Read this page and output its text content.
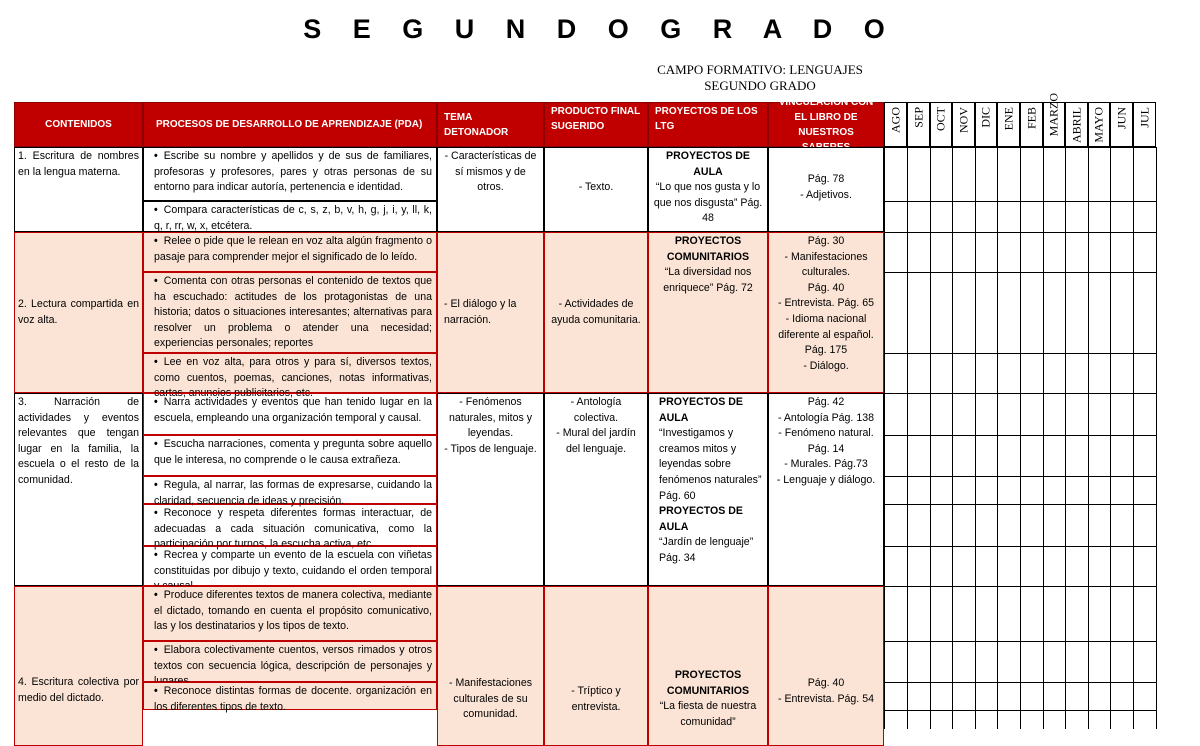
S E G U N D O G R A D O
CAMPO FORMATIVO: LENGUAJES
SEGUNDO GRADO
CONTENIDOS	PROCESOS DE DESARROLLO DE APRENDIZAJE (PDA)
TEMA DETONADOR
PRODUCTO FINAL SUGERIDO
PROYECTOS DE LOS LTG
VINCULACIÓN CON EL LIBRO DE NUESTROS SABERES
AGO SEP OCT NOV DIC ENE FEB MARZO ABRIL MAYO JUN JUL
1. Escritura de nombres en la lengua materna.
• Escribe su nombre y apellidos y de sus de familiares, profesoras y profesores, pares y otras personas de su entorno para indicar autoría, pertenencia e identidad.
• Compara características de c, s, z, b, v, h, g, j, i, y, ll, k, q, r, rr, w, x, etcétera.
- Características de sí mismos y de otros.	- Texto.
PROYECTOS DE AULA
“Lo que nos gusta y lo que nos disgusta” Pág. 48
Pág. 78
- Adjetivos.
2. Lectura compartida en voz alta.
• Relee o pide que le relean en voz alta algún fragmento o pasaje para comprender mejor el significado de lo leído.
• Comenta con otras personas el contenido de textos que ha escuchado: actitudes de los protagonistas de una historia; datos o situaciones interesantes; alternativas para resolver un problema o atender una necesidad; experiencias personales; reportes
• Lee en voz alta, para otros y para sí, diversos textos, como cuentos, poemas, canciones, notas informativas, cartas, anuncios publicitarios, etc.
- El diálogo y la narración.
- Actividades de ayuda comunitaria.
PROYECTOS COMUNITARIOS
“La diversidad nos enriquece” Pág. 72
Pág. 30
- Manifestaciones culturales.
Pág. 40
- Entrevista. Pág. 65
- Idioma nacional diferente al español.
Pág. 175
- Diálogo.
3. Narración de actividades y eventos relevantes que tengan lugar en la familia, la escuela o el resto de la comunidad.
• Narra actividades y eventos que han tenido lugar en la escuela, empleando una organización temporal y causal.
• Escucha narraciones, comenta y pregunta sobre aquello que le interesa, no comprende o le causa extrañeza.
• Regula, al narrar, las formas de expresarse, cuidando la claridad, secuencia de ideas y precisión.
• Reconoce y respeta diferentes formas interactuar, de adecuadas a cada situación comunicativa, como la participación por turnos, la escucha activa, etc.
• Recrea y comparte un evento de la escuela con viñetas constituidas por dibujo y texto, cuidando el orden temporal
- Fenómenos naturales, mitos y leyendas.
- Tipos de lenguaje.
- Antología colectiva.
- Mural del jardín del lenguaje.
PROYECTOS DE AULA
“Investigamos y creamos mitos y leyendas sobre fenómenos naturales” Pág. 60
PROYECTOS DE AULA
“Jardín de lenguaje” Pág. 34
Pág. 42
- Antología Pág. 138
- Fenómeno natural.
Pág. 14
- Murales. Pág.73
- Lenguaje y diálogo.
4. Escritura colectiva por medio del dictado.
• Produce diferentes textos de manera colectiva, mediante el dictado, tomando en cuenta el propósito comunicativo, las y los destinatarios y los tipos de texto.
• Elabora colectivamente cuentos, versos rimados y otros textos con secuencia lógica, descripción de personajes y
• Reconoce distintas formas de docente. organización en los diferentes tipos de texto.
- Manifestaciones culturales de su comunidad.
- Tríptico y entrevista.
PROYECTOS COMUNITARIOS
“La fiesta de nuestra comunidad”
Pág. 40
- Entrevista. Pág. 54
